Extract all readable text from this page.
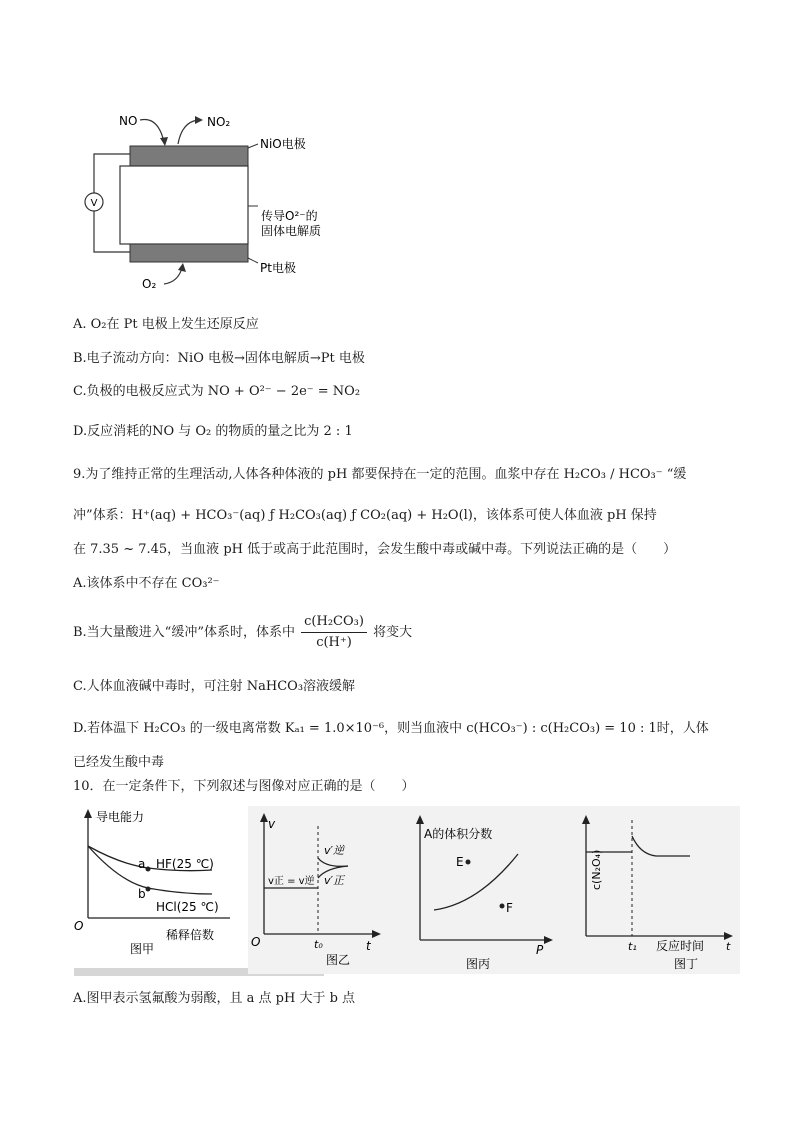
V
NO	NO₂
NiO电极
传导O²⁻的
固体电解质
Pt电极
O₂
A. O₂在 Pt 电极上发生还原反应
B.电子流动方向：NiO 电极→固体电解质→Pt 电极
C.负极的电极反应式为 NO + O²⁻ − 2e⁻ = NO₂
D.反应消耗的NO 与 O₂ 的物质的量之比为 2 : 1
9.为了维持正常的生理活动,人体各种体液的 pH 都要保持在一定的范围。血浆中存在 H₂CO₃ / HCO₃⁻ “缓
冲”体系：H⁺(aq) + HCO₃⁻(aq) ƒ H₂CO₃(aq) ƒ CO₂(aq) + H₂O(l)，该体系可使人体血液 pH 保持
在 7.35 ~ 7.45，当血液 pH 低于或高于此范围时，会发生酸中毒或碱中毒。下列说法正确的是（　　）
A.该体系中不存在 CO₃²⁻
B.当大量酸进入“缓冲”体系时，体系中 $\frac{\text{c(H₂CO₃)}}{c(H^+)}$ 将变大
C.人体血液碱中毒时，可注射 NaHCO₃溶液缓解
D.若体温下 H₂CO₃ 的一级电离常数 Kₐ₁ = 1.0×10⁻⁶，则当血液中 c(HCO₃⁻) : c(H₂CO₃) = 10 : 1时，人体
已经发生酸中毒
10．在一定条件下，下列叙述与图像对应正确的是（　　）
导电能力
O
a
b
HF(25 ℃)
HCl(25 ℃)
稀释倍数
图甲
v
O	t
v正 = v逆
v′逆
v′正
t₀
图乙
A的体积分数
P
E
F
图丙
c(N₂O₄)
t₁ 反应时间 t
图丁
A.图甲表示氢氟酸为弱酸，且 a 点 pH 大于 b 点
